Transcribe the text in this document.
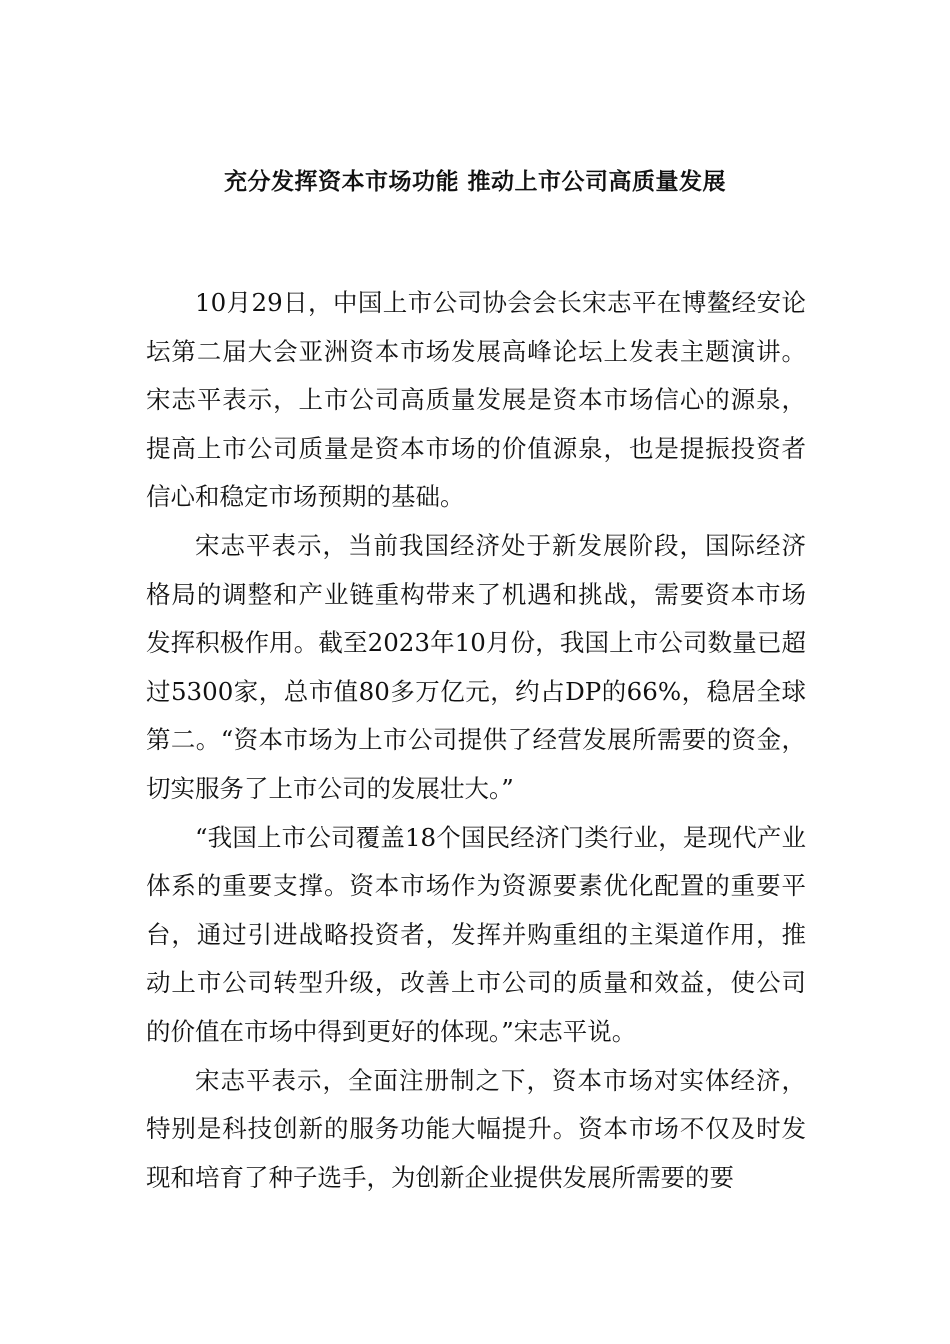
充分发挥资本市场功能 推动上市公司高质量发展

10月29日，中国上市公司协会会长宋志平在博鳌经安论坛第二届大会亚洲资本市场发展高峰论坛上发表主题演讲。宋志平表示，上市公司高质量发展是资本市场信心的源泉，提高上市公司质量是资本市场的价值源泉，也是提振投资者信心和稳定市场预期的基础。

宋志平表示，当前我国经济处于新发展阶段，国际经济格局的调整和产业链重构带来了机遇和挑战，需要资本市场发挥积极作用。截至2023年10月份，我国上市公司数量已超过5300家，总市值80多万亿元，约占DP的66%，稳居全球第二。“资本市场为上市公司提供了经营发展所需要的资金，切实服务了上市公司的发展壮大。”

“我国上市公司覆盖18个国民经济门类行业，是现代产业体系的重要支撑。资本市场作为资源要素优化配置的重要平台，通过引进战略投资者，发挥并购重组的主渠道作用，推动上市公司转型升级，改善上市公司的质量和效益，使公司的价值在市场中得到更好的体现。”宋志平说。

宋志平表示，全面注册制之下，资本市场对实体经济，特别是科技创新的服务功能大幅提升。资本市场不仅及时发现和培育了种子选手，为创新企业提供发展所需要的要
